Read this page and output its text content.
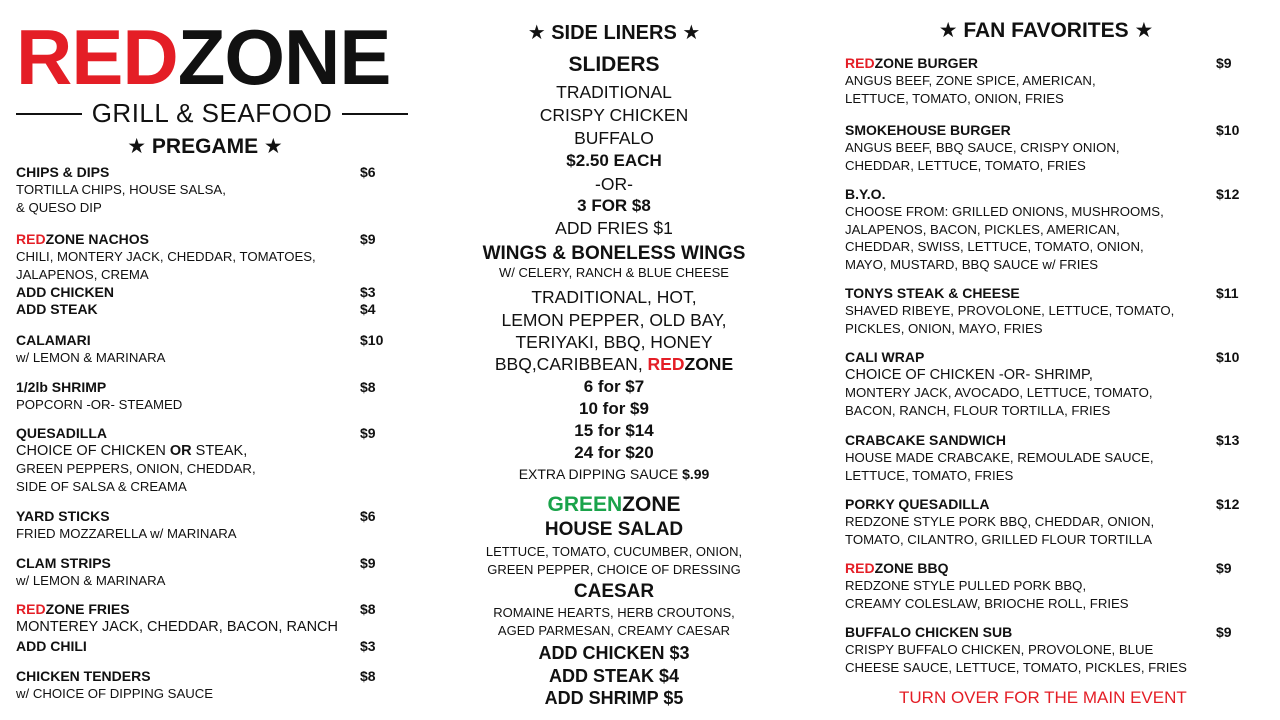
REDZONE
GRILL & SEAFOOD
★ PREGAME ★
CHIPS & DIPS	$6
TORTILLA CHIPS, HOUSE SALSA,
& QUESO DIP
REDZONE NACHOS	$9
CHILI, MONTERY JACK, CHEDDAR, TOMATOES,
JALAPENOS, CREMA
ADD CHICKEN	$3
ADD STEAK	$4
CALAMARI	$10
w/ LEMON & MARINARA
1/2lb SHRIMP	$8
POPCORN -OR- STEAMED
QUESADILLA	$9
CHOICE OF CHICKEN OR STEAK,
GREEN PEPPERS, ONION, CHEDDAR,
SIDE OF SALSA & CREAMA
YARD STICKS	$6
FRIED MOZZARELLA w/ MARINARA
CLAM STRIPS	$9
w/ LEMON & MARINARA
REDZONE FRIES	$8
MONTEREY JACK, CHEDDAR, BACON, RANCH
ADD CHILI	$3
CHICKEN TENDERS	$8
w/ CHOICE OF DIPPING SAUCE
★ SIDE LINERS ★
SLIDERS
TRADITIONAL
CRISPY CHICKEN
BUFFALO
$2.50 EACH
-OR-
3 FOR $8
ADD FRIES $1
WINGS & BONELESS WINGS
W/ CELERY, RANCH & BLUE CHEESE
TRADITIONAL, HOT,
LEMON PEPPER, OLD BAY,
TERIYAKI, BBQ, HONEY
BBQ,CARIBBEAN, REDZONE
6 for $7
10 for $9
15 for $14
24 for $20
EXTRA DIPPING SAUCE $.99
GREENZONE
HOUSE SALAD
LETTUCE, TOMATO, CUCUMBER, ONION,
GREEN PEPPER, CHOICE OF DRESSING
CAESAR
ROMAINE HEARTS, HERB CROUTONS,
AGED PARMESAN, CREAMY CAESAR
ADD CHICKEN $3
ADD STEAK $4
ADD SHRIMP $5
★ FAN FAVORITES ★
REDZONE BURGER	$9
ANGUS BEEF, ZONE SPICE, AMERICAN,
LETTUCE, TOMATO, ONION, FRIES
SMOKEHOUSE BURGER	$10
ANGUS BEEF, BBQ SAUCE, CRISPY ONION,
CHEDDAR, LETTUCE, TOMATO, FRIES
B.Y.O.	$12
CHOOSE FROM: GRILLED ONIONS, MUSHROOMS,
JALAPENOS, BACON, PICKLES, AMERICAN,
CHEDDAR, SWISS, LETTUCE, TOMATO, ONION,
MAYO, MUSTARD, BBQ SAUCE w/ FRIES
TONYS STEAK & CHEESE	$11
SHAVED RIBEYE, PROVOLONE, LETTUCE, TOMATO,
PICKLES, ONION, MAYO, FRIES
CALI WRAP	$10
CHOICE OF CHICKEN -OR- SHRIMP,
MONTERY JACK, AVOCADO, LETTUCE, TOMATO,
BACON, RANCH, FLOUR TORTILLA, FRIES
CRABCAKE SANDWICH	$13
HOUSE MADE CRABCAKE, REMOULADE SAUCE,
LETTUCE, TOMATO, FRIES
PORKY QUESADILLA	$12
REDZONE STYLE PORK BBQ, CHEDDAR, ONION,
TOMATO, CILANTRO, GRILLED FLOUR TORTILLA
REDZONE BBQ	$9
REDZONE STYLE PULLED PORK BBQ,
CREAMY COLESLAW, BRIOCHE ROLL, FRIES
BUFFALO CHICKEN SUB	$9
CRISPY BUFFALO CHICKEN, PROVOLONE, BLUE
CHEESE SAUCE, LETTUCE, TOMATO, PICKLES, FRIES
TURN OVER FOR THE MAIN EVENT
